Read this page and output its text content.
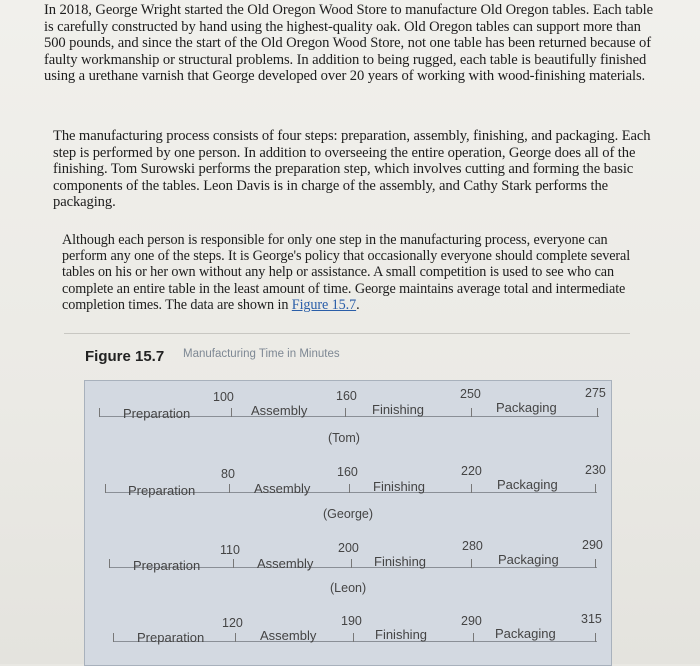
In 2018, George Wright started the Old Oregon Wood Store to manufacture Old Oregon tables. Each table is carefully constructed by hand using the highest-quality oak. Old Oregon tables can support more than 500 pounds, and since the start of the Old Oregon Wood Store, not one table has been returned because of faulty workmanship or structural problems. In addition to being rugged, each table is beautifully finished using a urethane varnish that George developed over 20 years of working with wood-finishing materials.

The manufacturing process consists of four steps: preparation, assembly, finishing, and packaging. Each step is performed by one person. In addition to overseeing the entire operation, George does all of the finishing. Tom Surowski performs the preparation step, which involves cutting and forming the basic components of the tables. Leon Davis is in charge of the assembly, and Cathy Stark performs the packaging.

Although each person is responsible for only one step in the manufacturing process, everyone can perform any one of the steps. It is George's policy that occasionally everyone should complete several tables on his or her own without any help or assistance. A small competition is used to see who can complete an entire table in the least amount of time. George maintains average total and intermediate completion times. The data are shown in Figure 15.7.

Figure 15.7 Manufacturing Time in Minutes
Preparation	Assembly	Finishing	Packaging
100	160	250	275
(Tom)
Preparation	Assembly	Finishing	Packaging
80	160	220	230
(George)
Preparation	Assembly	Finishing	Packaging
110	200	280	290
(Leon)
Preparation	Assembly	Finishing	Packaging
120	190	290	315
